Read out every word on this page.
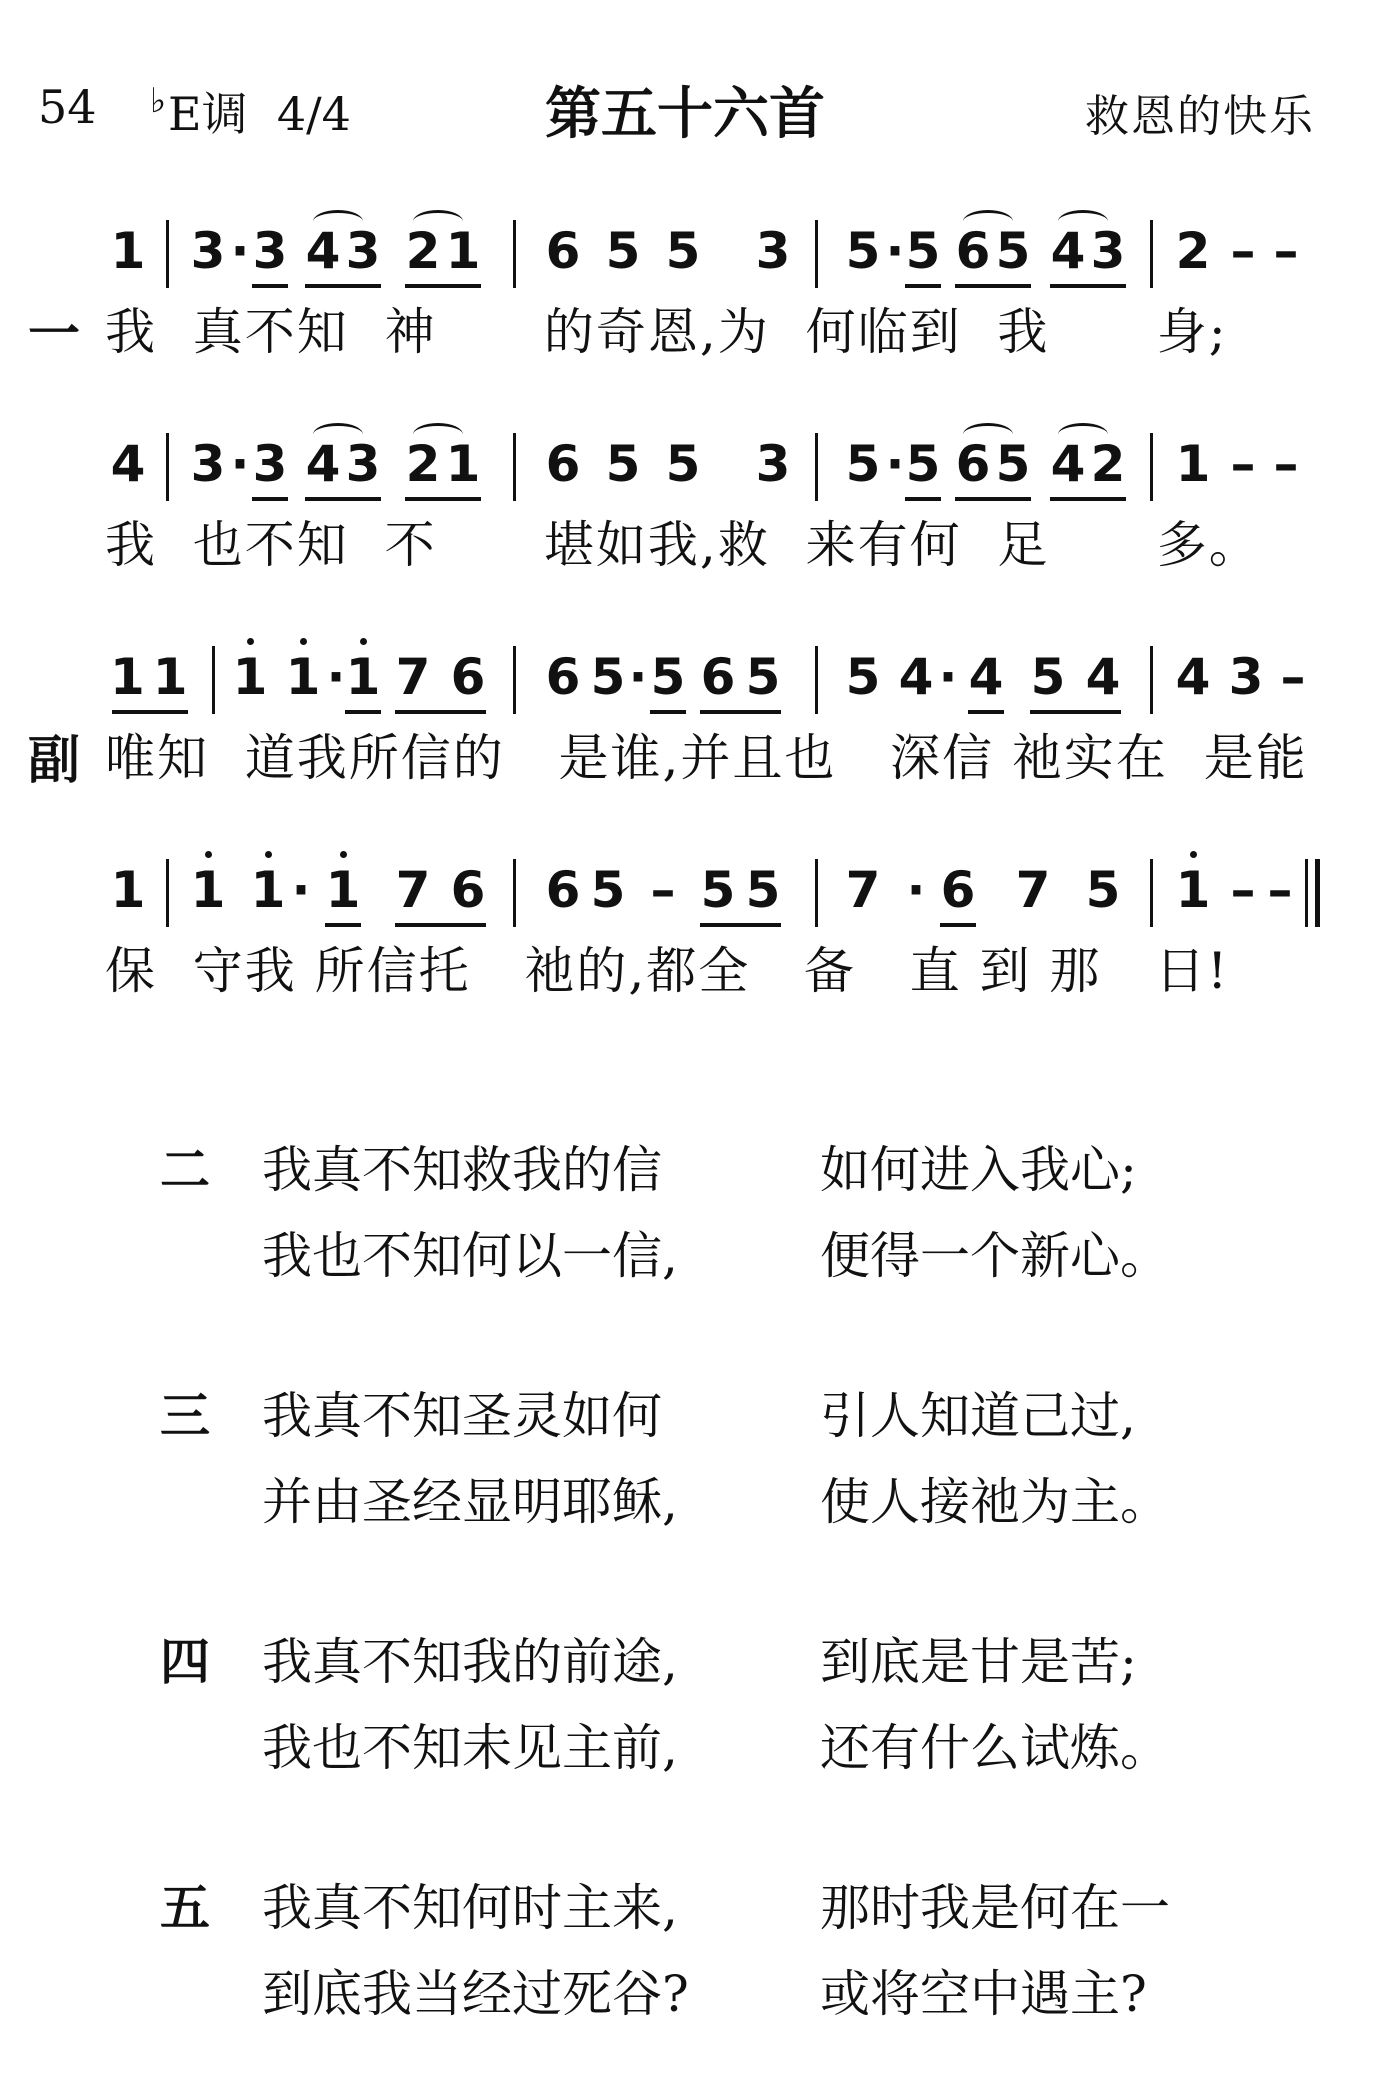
54 ♭E调 4/4	第五十六首	救恩的快乐
1 3 · 3 4 3 2 1 6 5 5 3 5 · 5 6 5 4 3 2 – –
一 我  真不知  神      的奇恩,为  何临到  我      身;
4 3 · 3 4 3 2 1 6 5 5 3 5 · 5 6 5 4 2 1 – –
我  也不知  不      堪如我,救  来有何  足      多。
11 1 1 · 1 7 6 6 5 · 5 6 5 5 4 · 4 5 4 4 3 –
副 唯知  道我所信的   是谁,并且也   深信 祂实在  是能
1 1 1 · 1 7 6 6 5 – 5 5 7 · 6 7 5 1 – –
保  守我 所信托   祂的,都全   备   直 到 那   日!
二 我真不知救我的信	如何进入我心;
我也不知何以一信,	便得一个新心。
三 我真不知圣灵如何	引人知道己过,
并由圣经显明耶稣,	使人接祂为主。
四 我真不知我的前途,	到底是甘是苦;
我也不知未见主前,	还有什么试炼。
五 我真不知何时主来,	那时我是何在一
到底我当经过死谷?	或将空中遇主?
